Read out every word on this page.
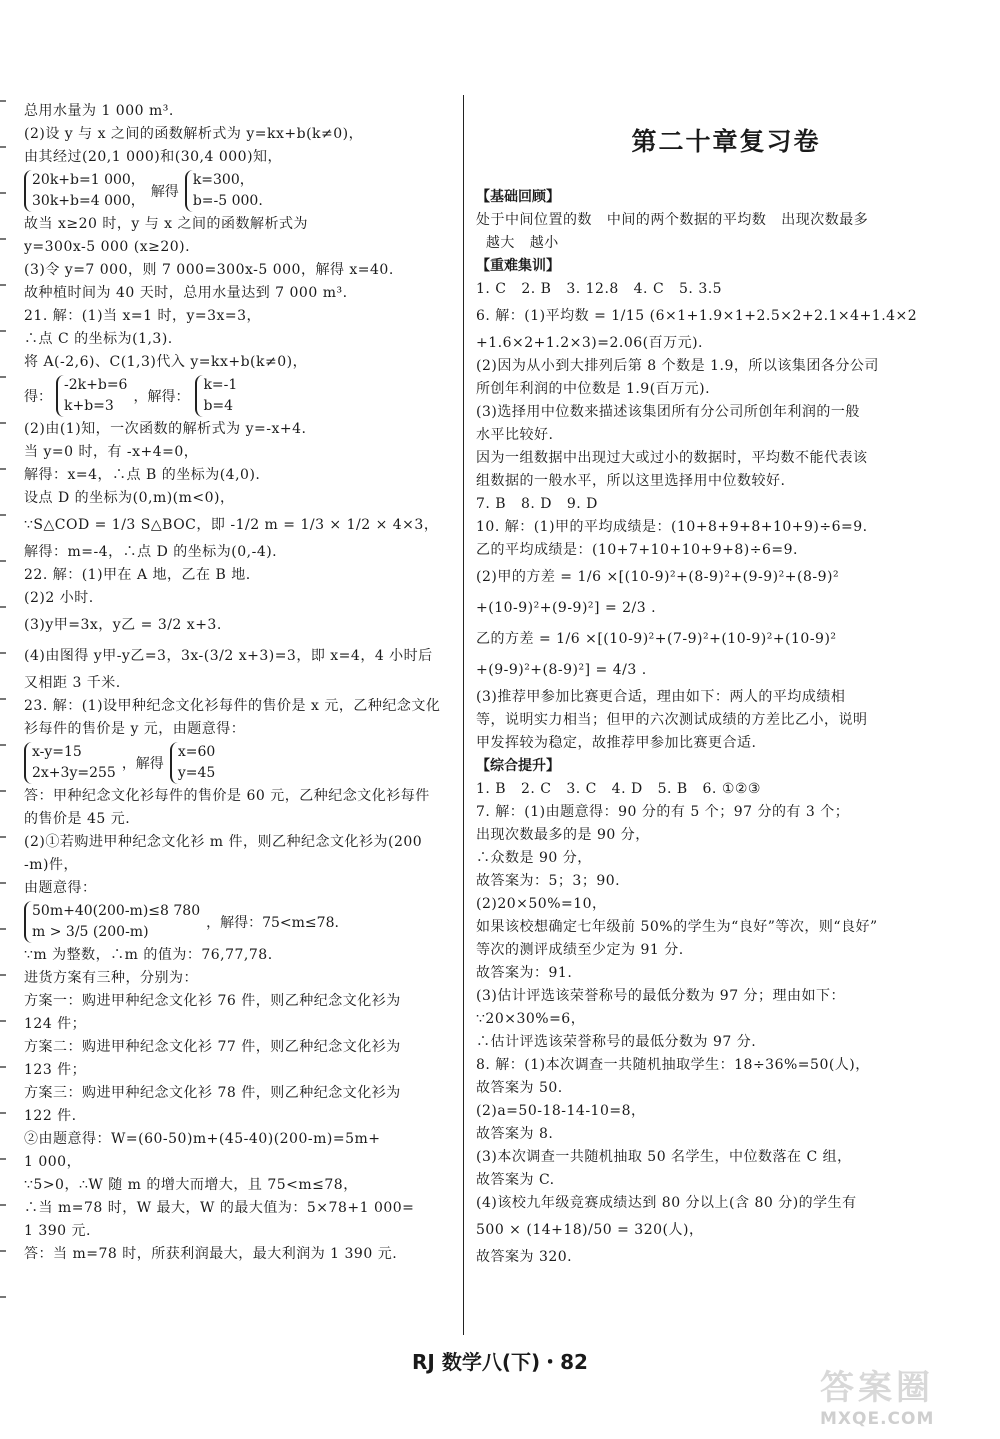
总用水量为 1 000 m³.
(2)设 y 与 x 之间的函数解析式为 y=kx+b(k≠0)，
由其经过(20,1 000)和(30,4 000)知，
20k+b=1 000，
30k+b=4 000，
解得
k=300，
b=-5 000.
故当 x≥20 时，y 与 x 之间的函数解析式为
y=300x-5 000 (x≥20).
(3)令 y=7 000，则 7 000=300x-5 000，解得 x=40.
故种植时间为 40 天时，总用水量达到 7 000 m³.
21. 解：(1)当 x=1 时，y=3x=3，
∴点 C 的坐标为(1,3).
将 A(-2,6)、C(1,3)代入 y=kx+b(k≠0)，
得：
-2k+b=6
k+b=3
，解得：
k=-1
b=4
(2)由(1)知，一次函数的解析式为 y=-x+4.
当 y=0 时，有 -x+4=0，
解得：x=4，∴点 B 的坐标为(4,0).
设点 D 的坐标为(0,m)(m<0)，
∵S△COD = 1/3 S△BOC，即 -1/2 m = 1/3 × 1/2 × 4×3，
解得：m=-4，∴点 D 的坐标为(0,-4).
22. 解：(1)甲在 A 地，乙在 B 地.
(2)2 小时.
(3)y甲=3x，y乙 = 3/2 x+3.
(4)由图得 y甲-y乙=3，3x-(3/2 x+3)=3，即 x=4，4 小时后
又相距 3 千米.
23. 解：(1)设甲种纪念文化衫每件的售价是 x 元，乙种纪念文化
衫每件的售价是 y 元，由题意得：
x-y=15
2x+3y=255
，解得
x=60
y=45
答：甲种纪念文化衫每件的售价是 60 元，乙种纪念文化衫每件
的售价是 45 元.
(2)①若购进甲种纪念文化衫 m 件，则乙种纪念文化衫为(200
-m)件，
由题意得：
50m+40(200-m)≤8 780
m > 3/5 (200-m)
，解得：75<m≤78.
∵m 为整数，∴m 的值为：76,77,78.
进货方案有三种，分别为：
方案一：购进甲种纪念文化衫 76 件，则乙种纪念文化衫为
124 件；
方案二：购进甲种纪念文化衫 77 件，则乙种纪念文化衫为
123 件；
方案三：购进甲种纪念文化衫 78 件，则乙种纪念文化衫为
122 件.
②由题意得：W=(60-50)m+(45-40)(200-m)=5m+
1 000，
∵5>0，∴W 随 m 的增大而增大，且 75<m≤78，
∴当 m=78 时，W 最大，W 的最大值为：5×78+1 000=
1 390 元.
答：当 m=78 时，所获利润最大，最大利润为 1 390 元.
第二十章复习卷
【基础回顾】
处于中间位置的数   中间的两个数据的平均数   出现次数最多
越大   越小
【重难集训】
1. C   2. B   3. 12.8   4. C   5. 3.5
6. 解：(1)平均数 = 1/15 (6×1+1.9×1+2.5×2+2.1×4+1.4×2
+1.6×2+1.2×3)=2.06(百万元).
(2)因为从小到大排列后第 8 个数是 1.9，所以该集团各分公司
所创年利润的中位数是 1.9(百万元).
(3)选择用中位数来描述该集团所有分公司所创年利润的一般
水平比较好.
因为一组数据中出现过大或过小的数据时，平均数不能代表该
组数据的一般水平，所以这里选择用中位数较好.
7. B   8. D   9. D
10. 解：(1)甲的平均成绩是：(10+8+9+8+10+9)÷6=9.
乙的平均成绩是：(10+7+10+10+9+8)÷6=9.
(2)甲的方差 = 1/6 ×[(10-9)²+(8-9)²+(9-9)²+(8-9)²
+(10-9)²+(9-9)²] = 2/3 .
乙的方差 = 1/6 ×[(10-9)²+(7-9)²+(10-9)²+(10-9)²
+(9-9)²+(8-9)²] = 4/3 .
(3)推荐甲参加比赛更合适，理由如下：两人的平均成绩相
等，说明实力相当；但甲的六次测试成绩的方差比乙小，说明
甲发挥较为稳定，故推荐甲参加比赛更合适.
【综合提升】
1. B   2. C   3. C   4. D   5. B   6. ①②③
7. 解：(1)由题意得：90 分的有 5 个；97 分的有 3 个；
出现次数最多的是 90 分，
∴众数是 90 分，
故答案为：5；3；90.
(2)20×50%=10，
如果该校想确定七年级前 50%的学生为“良好”等次，则“良好”
等次的测评成绩至少定为 91 分.
故答案为：91.
(3)估计评选该荣誉称号的最低分数为 97 分；理由如下：
∵20×30%=6，
∴估计评选该荣誉称号的最低分数为 97 分.
8. 解：(1)本次调查一共随机抽取学生：18÷36%=50(人)，
故答案为 50.
(2)a=50-18-14-10=8，
故答案为 8.
(3)本次调查一共随机抽取 50 名学生，中位数落在 C 组，
故答案为 C.
(4)该校九年级竞赛成绩达到 80 分以上(含 80 分)的学生有
500 × (14+18)/50 = 320(人)，
故答案为 320.
RJ 数学八(下)・82
答案圈
MXQE.COM
